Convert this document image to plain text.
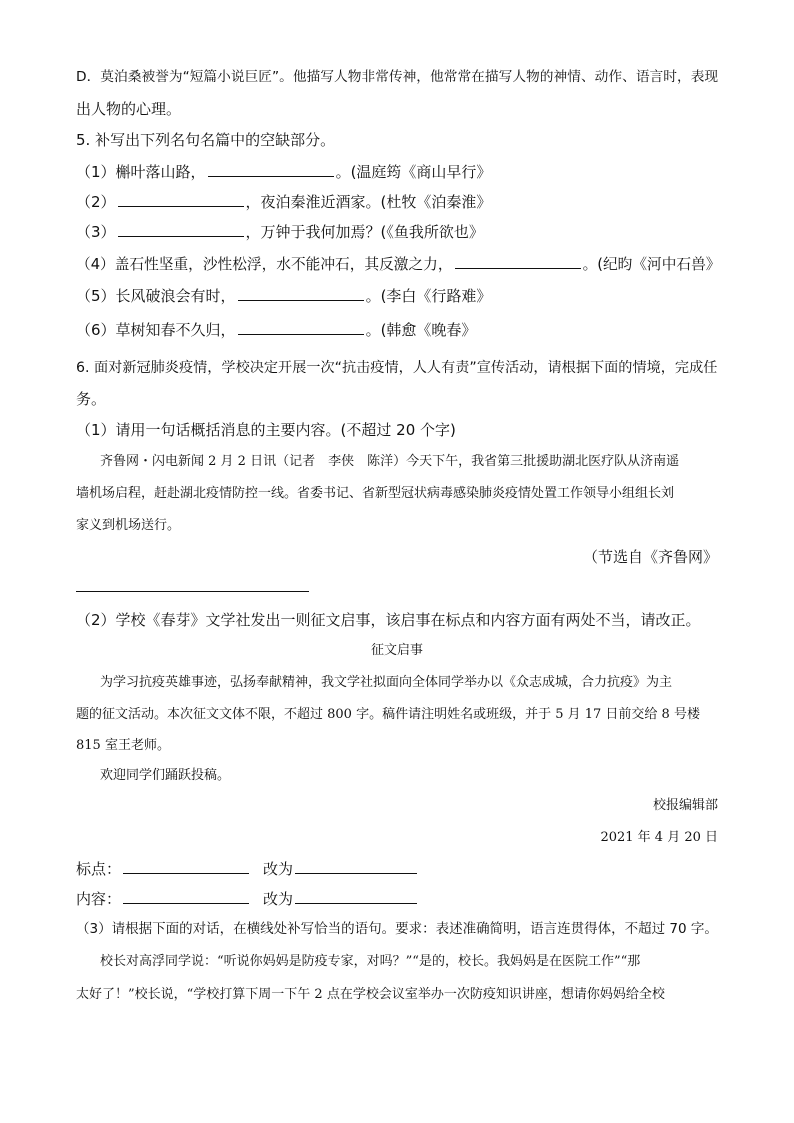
D．莫泊桑被誉为“短篇小说巨匠”。他描写人物非常传神，他常常在描写人物的神情、动作、语言时，表现
出人物的心理。
5. 补写出下列名句名篇中的空缺部分。
（1）槲叶落山路，	。(温庭筠《商山早行》
（2）	，夜泊秦淮近酒家。(杜牧《泊秦淮》
（3）	，万钟于我何加焉？(《鱼我所欲也》
（4）盖石性坚重，沙性松浮，水不能冲石，其反激之力，	。(纪昀《河中石兽》
（5）长风破浪会有时，	。(李白《行路难》
（6）草树知春不久归，	。(韩愈《晚春》
6. 面对新冠肺炎疫情，学校决定开展一次“抗击疫情，人人有责”宣传活动，请根据下面的情境，完成任
务。
（1）请用一句话概括消息的主要内容。(不超过 20 个字)
齐鲁网・闪电新闻 2 月 2 日讯（记者　李侠　陈洋）今天下午，我省第三批援助湖北医疗队从济南遥
墙机场启程，赶赴湖北疫情防控一线。省委书记、省新型冠状病毒感染肺炎疫情处置工作领导小组组长刘
家义到机场送行。
（节选自《齐鲁网》
（2）学校《春芽》文学社发出一则征文启事，该启事在标点和内容方面有两处不当，请改正。
征文启事
为学习抗疫英雄事迹，弘扬奉献精神，我文学社拟面向全体同学举办以《众志成城，合力抗疫》为主
题的征文活动。本次征文文体不限，不超过 800 字。稿件请注明姓名或班级，并于 5 月 17 日前交给 8 号楼
815 室王老师。
欢迎同学们踊跃投稿。
校报编辑部
2021 年 4 月 20 日
标点：	改为
内容：	改为
（3）请根据下面的对话，在横线处补写恰当的语句。要求：表述准确简明，语言连贯得体，不超过 70 字。
校长对高浮同学说：“听说你妈妈是防疫专家，对吗？”“是的，校长。我妈妈是在医院工作”“那
太好了！”校长说，“学校打算下周一下午 2 点在学校会议室举办一次防疫知识讲座，想请你妈妈给全校
